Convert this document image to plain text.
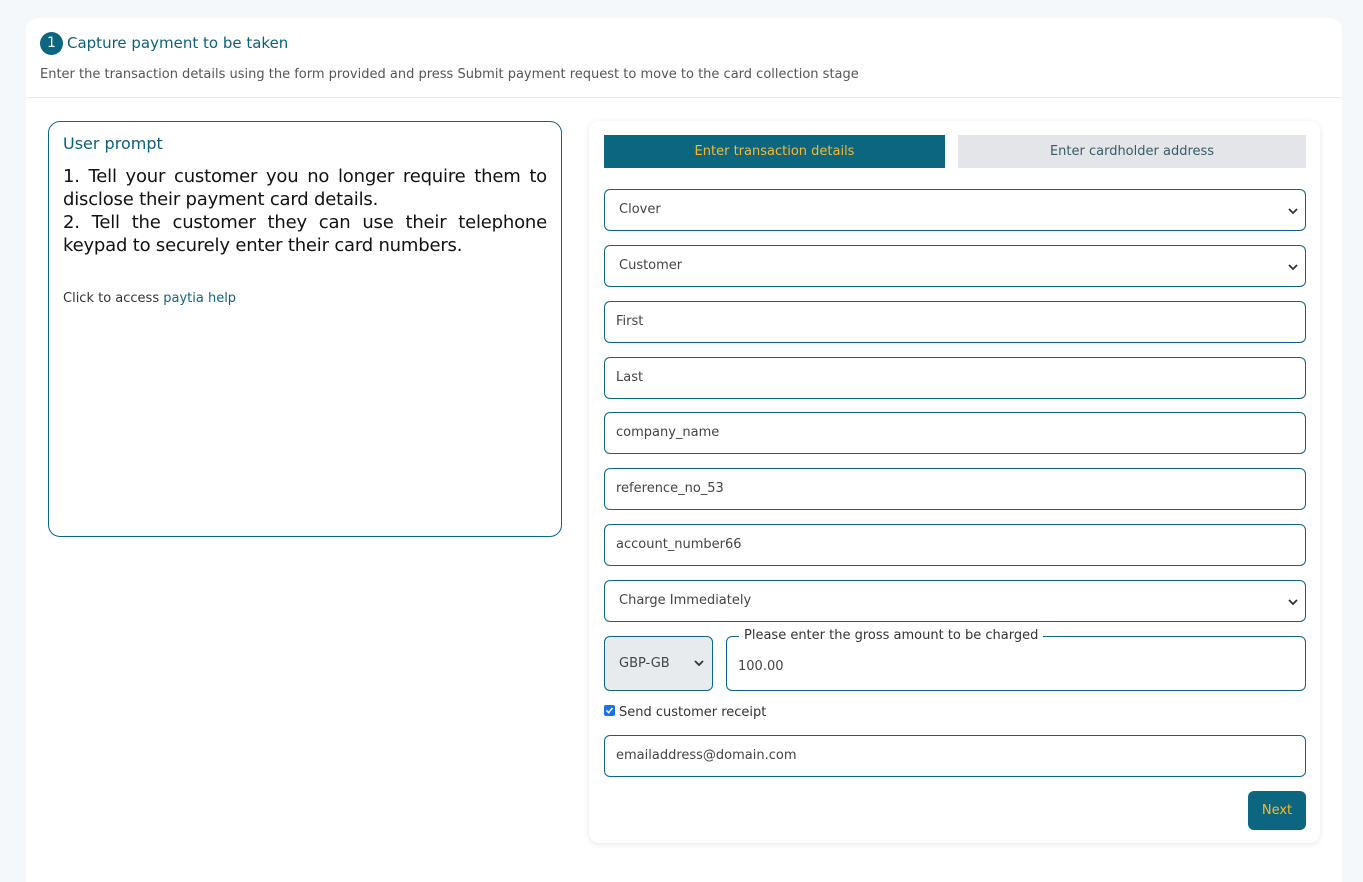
1 Capture payment to be taken
Enter the transaction details using the form provided and press Submit payment request to move to the card collection stage
User prompt
1. Tell your customer you no longer require them to disclose their payment card details.
2. Tell the customer they can use their telephone keypad to securely enter their card numbers.
Click to access paytia help
Enter transaction details	Enter cardholder address
Clover
Customer
First
Last
company_name
reference_no_53
account_number66
Charge Immediately
GBP-GB
Please enter the gross amount to be charged
100.00
Send customer receipt
emailaddress@domain.com
Next
